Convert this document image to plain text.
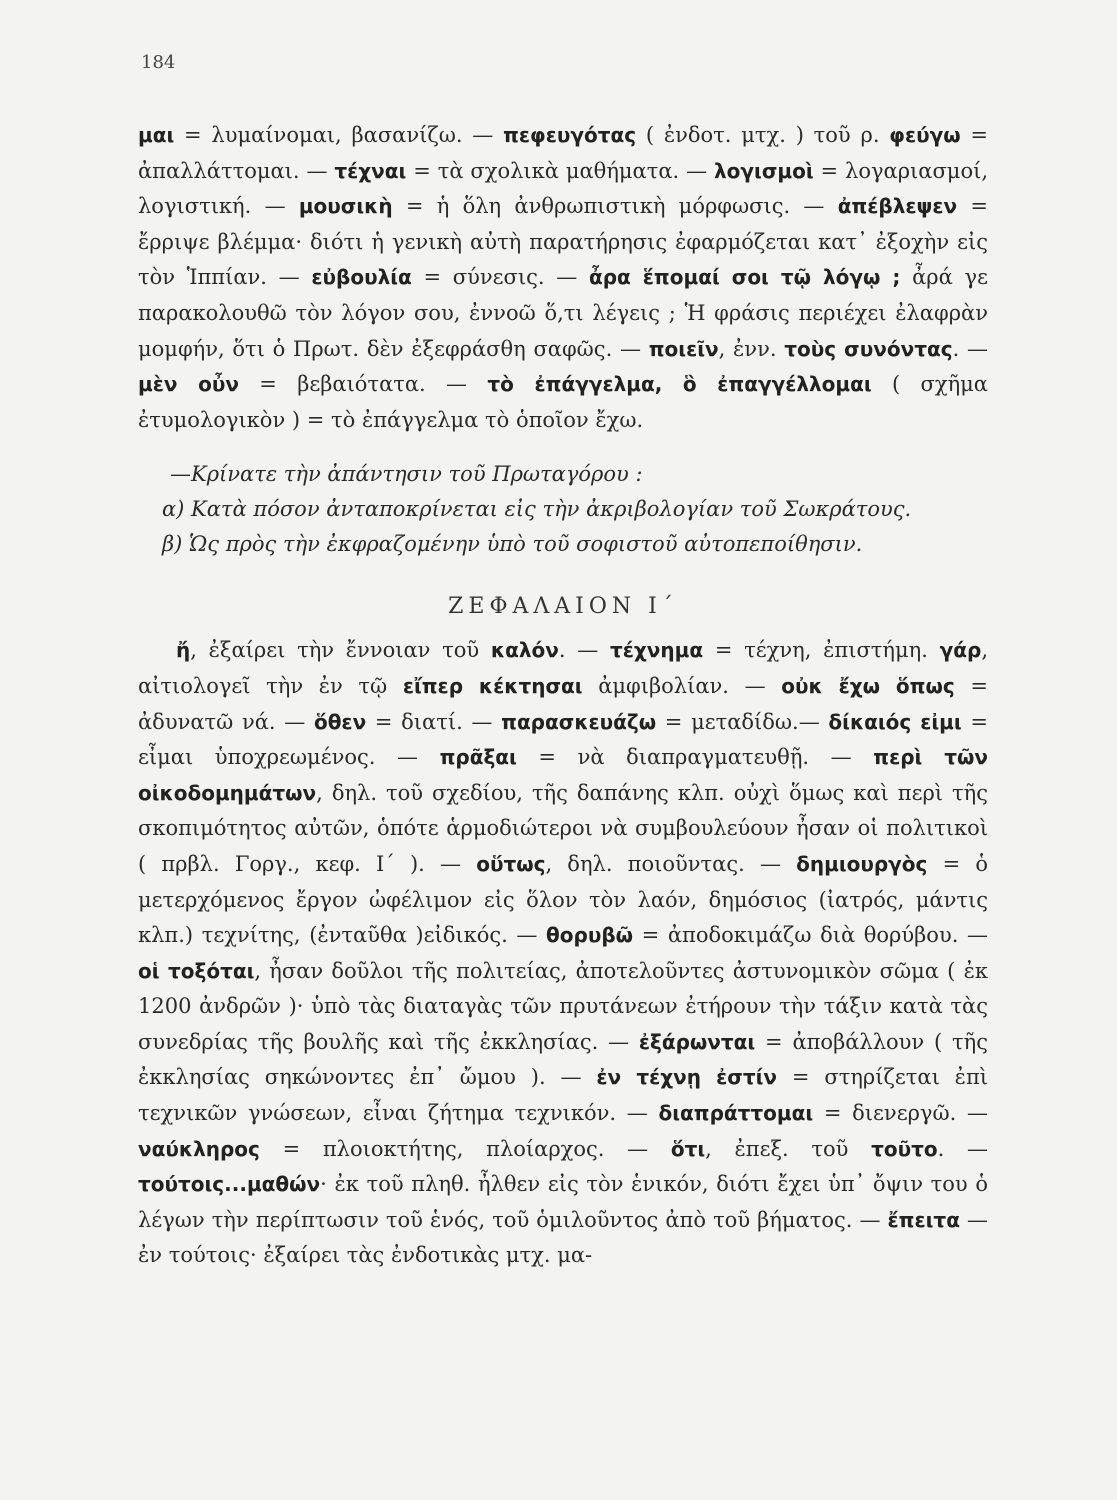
184

μαι = λυμαίνομαι, βασανίζω. — πεφευγότας ( ἐνδοτ. μτχ. ) τοῦ ρ. φεύγω = ἀπαλλάττομαι. — τέχναι = τὰ σχολικὰ μαθήματα. — λογισμοὶ = λογαριασμοί, λογιστική. — μουσικὴ = ἡ ὅλη ἀνθρωπιστικὴ μόρφωσις. — ἀπέβλεψεν = ἔρριψε βλέμμα· διότι ἡ γενικὴ αὐτὴ παρατήρησις ἐφαρμόζεται κατ᾽ ἐξοχὴν εἰς τὸν Ἱππίαν. — εὐβουλία = σύνεσις. — ἆρα ἕπομαί σοι τῷ λόγῳ ; ἆρά γε παρακολουθῶ τὸν λόγον σου, ἐννοῶ ὅ,τι λέγεις ; Ἡ φράσις περιέχει ἐλαφρὰν μομφήν, ὅτι ὁ Πρωτ. δὲν ἐξεφράσθη σαφῶς. — ποιεῖν, ἐνν. τοὺς συνόντας. — μὲν οὖν = βεβαιότατα. — τὸ ἐπάγγελμα, ὃ ἐπαγγέλλομαι ( σχῆμα ἐτυμολογικὸν ) = τὸ ἐπάγγελμα τὸ ὁποῖον ἔχω.

—Κρίνατε τὴν ἀπάντησιν τοῦ Πρωταγόρου :
α) Κατὰ πόσον ἀνταποκρίνεται εἰς τὴν ἀκριβολογίαν τοῦ Σωκράτους.
β) Ὡς πρὸς τὴν ἐκφραζομένην ὑπὸ τοῦ σοφιστοῦ αὐτοπεποίθησιν.
ΖΕΦΑΛΑΙΟΝ Ι΄

ἤ, ἐξαίρει τὴν ἔννοιαν τοῦ καλόν. — τέχνημα = τέχνη, ἐπιστήμη. γάρ, αἰτιολογεῖ τὴν ἐν τῷ εἴπερ κέκτησαι ἀμφιβολίαν. — οὐκ ἔχω ὅπως = ἀδυνατῶ νά. — ὅθεν = διατί. — παρασκευάζω = μεταδίδω.— δίκαιός εἰμι = εἶμαι ὑποχρεωμένος. — πρᾶξαι = νὰ διαπραγματευθῇ. — περὶ τῶν οἰκοδομημάτων, δηλ. τοῦ σχεδίου, τῆς δαπάνης κλπ. οὐχὶ ὅμως καὶ περὶ τῆς σκοπιμότητος αὐτῶν, ὁπότε ἁρμοδιώτεροι νὰ συμβουλεύουν ἦσαν οἱ πολιτικοὶ ( πρβλ. Γοργ., κεφ. Ι΄ ). — οὕτως, δηλ. ποιοῦντας. — δημιουργὸς = ὁ μετερχόμενος ἔργον ὠφέλιμον εἰς ὅλον τὸν λαόν, δημόσιος (ἰατρός, μάντις κλπ.) τεχνίτης, (ἐνταῦθα )εἰδικός. — θορυβῶ = ἀποδοκιμάζω διὰ θορύβου. — οἱ τοξόται, ἦσαν δοῦλοι τῆς πολιτείας, ἀποτελοῦντες ἀστυνομικὸν σῶμα ( ἐκ 1200 ἀνδρῶν )· ὑπὸ τὰς διαταγὰς τῶν πρυτάνεων ἐτήρουν τὴν τάξιν κατὰ τὰς συνεδρίας τῆς βουλῆς καὶ τῆς ἐκκλησίας. — ἐξάρωνται = ἀποβάλλουν ( τῆς ἐκκλησίας σηκώνοντες ἐπ᾽ ὤμου ). — ἐν τέχνῃ ἐστίν = στηρίζεται ἐπὶ τεχνικῶν γνώσεων, εἶναι ζήτημα τεχνικόν. — διαπράττομαι = διενεργῶ. — ναύκληρος = πλοιοκτήτης, πλοίαρχος. — ὅτι, ἐπεξ. τοῦ τοῦτο. — τούτοις...μαθών· ἐκ τοῦ πληθ. ἦλθεν εἰς τὸν ἑνικόν, διότι ἔχει ὑπ᾽ ὄψιν του ὁ λέγων τὴν περίπτωσιν τοῦ ἑνός, τοῦ ὁμιλοῦντος ἀπὸ τοῦ βήματος. — ἔπειτα — ἐν τούτοις· ἐξαίρει τὰς ἐνδοτικὰς μτχ. μα-
